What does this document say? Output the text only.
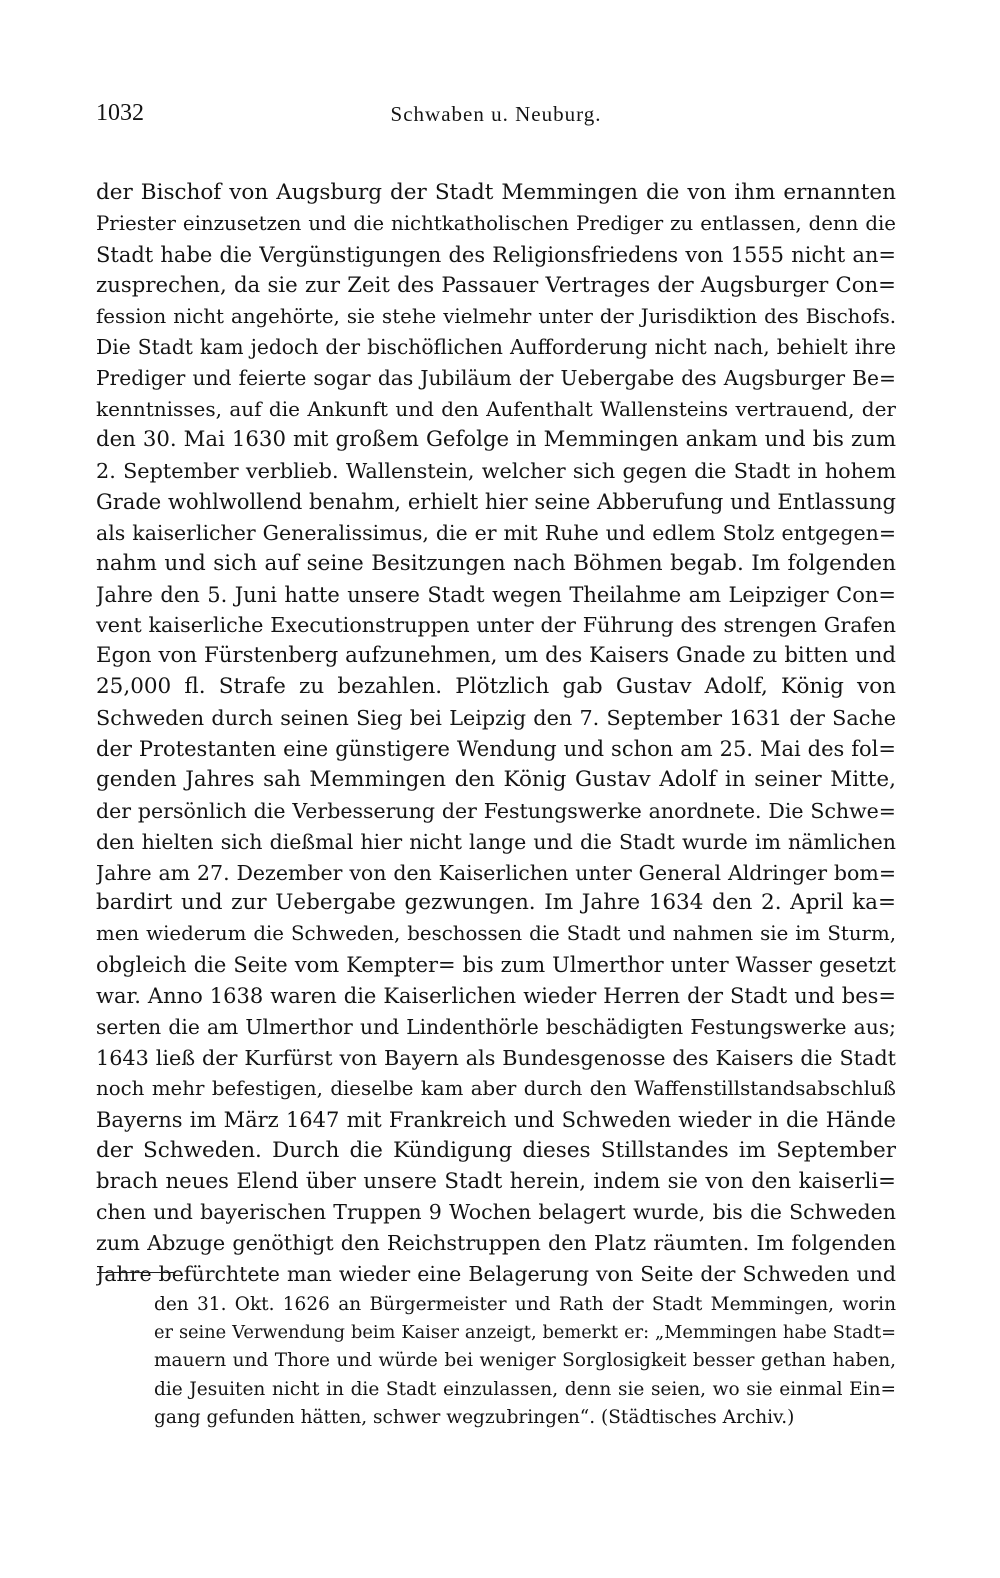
1032	Schwaben u. Neuburg.
der Bischof von Augsburg der Stadt Memmingen die von ihm ernannten
Priester einzusetzen und die nichtkatholischen Prediger zu entlassen, denn die
Stadt habe die Vergünstigungen des Religionsfriedens von 1555 nicht an=
zusprechen, da sie zur Zeit des Passauer Vertrages der Augsburger Con=
fession nicht angehörte, sie stehe vielmehr unter der Jurisdiktion des Bischofs.
Die Stadt kam jedoch der bischöflichen Aufforderung nicht nach, behielt ihre
Prediger und feierte sogar das Jubiläum der Uebergabe des Augsburger Be=
kenntnisses, auf die Ankunft und den Aufenthalt Wallensteins vertrauend, der
den 30. Mai 1630 mit großem Gefolge in Memmingen ankam und bis zum
2. September verblieb. Wallenstein, welcher sich gegen die Stadt in hohem
Grade wohlwollend benahm, erhielt hier seine Abberufung und Entlassung
als kaiserlicher Generalissimus, die er mit Ruhe und edlem Stolz entgegen=
nahm und sich auf seine Besitzungen nach Böhmen begab. Im folgenden
Jahre den 5. Juni hatte unsere Stadt wegen Theilahme am Leipziger Con=
vent kaiserliche Executionstruppen unter der Führung des strengen Grafen
Egon von Fürstenberg aufzunehmen, um des Kaisers Gnade zu bitten und
25,000 fl. Strafe zu bezahlen. Plötzlich gab Gustav Adolf, König von
Schweden durch seinen Sieg bei Leipzig den 7. September 1631 der Sache
der Protestanten eine günstigere Wendung und schon am 25. Mai des fol=
genden Jahres sah Memmingen den König Gustav Adolf in seiner Mitte,
der persönlich die Verbesserung der Festungswerke anordnete. Die Schwe=
den hielten sich dießmal hier nicht lange und die Stadt wurde im nämlichen
Jahre am 27. Dezember von den Kaiserlichen unter General Aldringer bom=
bardirt und zur Uebergabe gezwungen. Im Jahre 1634 den 2. April ka=
men wiederum die Schweden, beschossen die Stadt und nahmen sie im Sturm,
obgleich die Seite vom Kempter= bis zum Ulmerthor unter Wasser gesetzt
war. Anno 1638 waren die Kaiserlichen wieder Herren der Stadt und bes=
serten die am Ulmerthor und Lindenthörle beschädigten Festungswerke aus;
1643 ließ der Kurfürst von Bayern als Bundesgenosse des Kaisers die Stadt
noch mehr befestigen, dieselbe kam aber durch den Waffenstillstandsabschluß
Bayerns im März 1647 mit Frankreich und Schweden wieder in die Hände
der Schweden. Durch die Kündigung dieses Stillstandes im September
brach neues Elend über unsere Stadt herein, indem sie von den kaiserli=
chen und bayerischen Truppen 9 Wochen belagert wurde, bis die Schweden
zum Abzuge genöthigt den Reichstruppen den Platz räumten. Im folgenden
Jahre befürchtete man wieder eine Belagerung von Seite der Schweden und
den 31. Okt. 1626 an Bürgermeister und Rath der Stadt Memmingen, worin
er seine Verwendung beim Kaiser anzeigt, bemerkt er: „Memmingen habe Stadt=
mauern und Thore und würde bei weniger Sorglosigkeit besser gethan haben,
die Jesuiten nicht in die Stadt einzulassen, denn sie seien, wo sie einmal Ein=
gang gefunden hätten, schwer wegzubringen“. (Städtisches Archiv.)
